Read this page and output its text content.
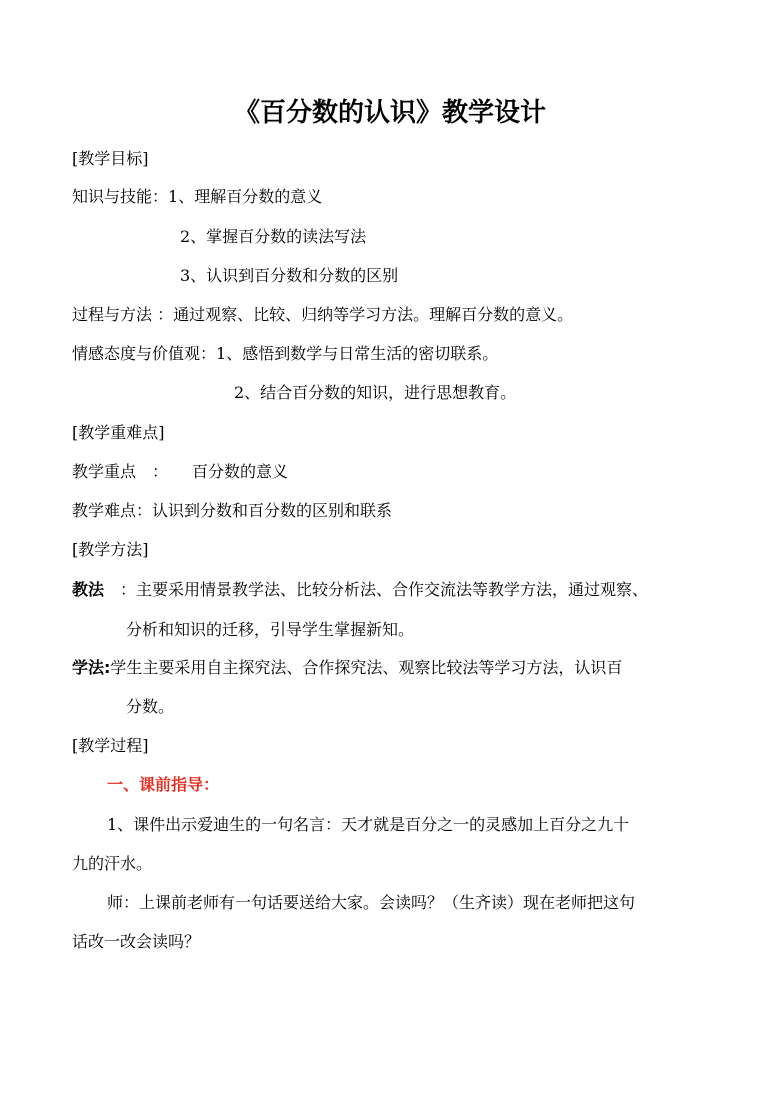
《百分数的认识》教学设计
[教学目标]
知识与技能：1、理解百分数的意义
2、掌握百分数的读法写法
3、认识到百分数和分数的区别
过程与方法 ：通过观察、比较、归纳等学习方法。理解百分数的意义。
情感态度与价值观：1、感悟到数学与日常生活的密切联系。
2、结合百分数的知识，进行思想教育。
[教学重难点]
教学重点　： 百分数的意义
教学难点：认识到分数和百分数的区别和联系
[教学方法]
教法 ：主要采用情景教学法、比较分析法、合作交流法等教学方法，通过观察、
分析和知识的迁移，引导学生掌握新知。
学法:学生主要采用自主探究法、合作探究法、观察比较法等学习方法，认识百
分数。
[教学过程]
一、课前指导：
1、课件出示爱迪生的一句名言：天才就是百分之一的灵感加上百分之九十
九的汗水。
师：上课前老师有一句话要送给大家。会读吗？（生齐读）现在老师把这句
话改一改会读吗？
